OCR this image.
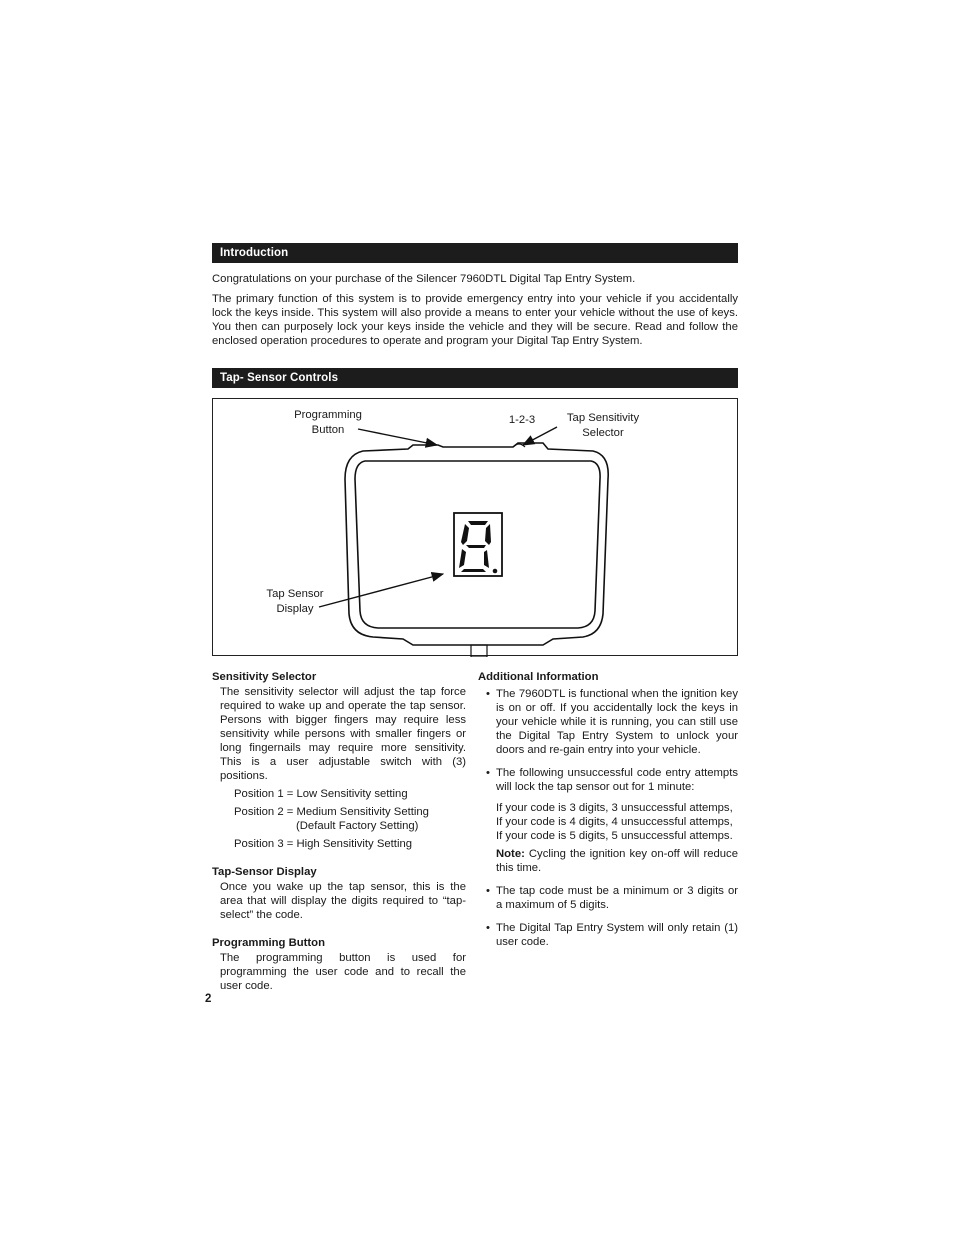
Introduction

Congratulations on your purchase of the Silencer 7960DTL Digital Tap Entry System.

The primary function of this system is to provide emergency entry into your vehicle if you accidentally lock the keys inside. This system will also provide a means to enter your vehicle without the use of keys. You then can purposely lock your keys inside the vehicle and they will be secure. Read and follow the enclosed operation procedures to operate and program your Digital Tap Entry System.

Tap- Sensor Controls
Programming
Button
1-2-3	Tap Sensitivity
Selector
Tap Sensor
Display

Sensitivity Selector

The sensitivity selector will adjust the tap force required to wake up and operate the tap sensor. Persons with bigger fingers may require less sensitivity while persons with smaller fingers or long fingernails may require more sensitivity. This is a user adjustable switch with (3) positions.

Position 1 = Low Sensitivity setting

Position 2 = Medium Sensitivity Setting

(Default Factory Setting)

Position 3 = High Sensitivity Setting

Tap-Sensor Display

Once you wake up the tap sensor, this is the area that will display the digits required to “tap-select” the code.

Programming Button

The programming button is used for programming the user code and to recall the user code.

Additional Information

• The 7960DTL is functional when the ignition key is on or off. If you accidentally lock the keys in your vehicle while it is running, you can still use the Digital Tap Entry System to unlock your doors and re-gain entry into your vehicle.

• The following unsuccessful code entry attempts will lock the tap sensor out for 1 minute:

If your code is 3 digits, 3 unsuccessful attemps,

If your code is 4 digits, 4 unsuccessful attemps,

If your code is 5 digits, 5 unsuccessful attemps.

Note: Cycling the ignition key on-off will reduce this time.

• The tap code must be a minimum or 3 digits or a maximum of 5 digits.

• The Digital Tap Entry System will only retain (1) user code.

2
